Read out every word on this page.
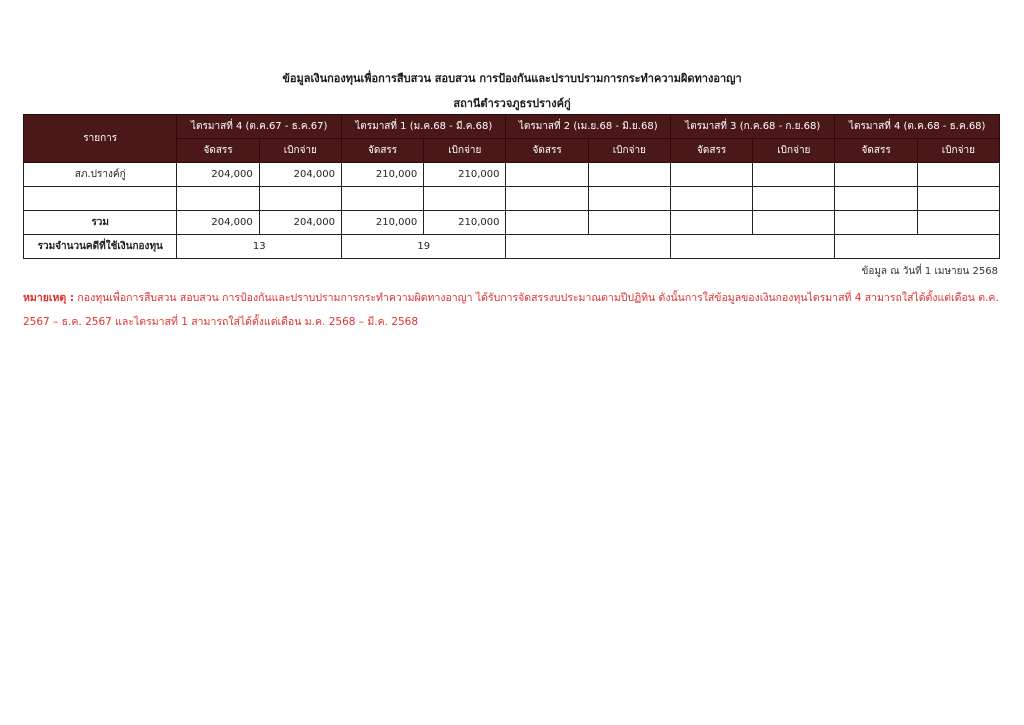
ข้อมูลเงินกองทุนเพื่อการสืบสวน สอบสวน การป้องกันและปราบปรามการกระทำความผิดทางอาญา
สถานีตำรวจภูธรปรางค์กู่
รายการ	ไตรมาสที่ 4 (ต.ค.67 - ธ.ค.67)		ไตรมาสที่ 1 (ม.ค.68 - มี.ค.68)		ไตรมาสที่ 2 (เม.ย.68 - มิ.ย.68)		ไตรมาสที่ 3 (ก.ค.68 - ก.ย.68)		ไตรมาสที่ 4 (ต.ค.68 - ธ.ค.68)	
	จัดสรร	เบิกจ่าย	จัดสรร	เบิกจ่าย	จัดสรร	เบิกจ่าย	จัดสรร	เบิกจ่าย	จัดสรร	เบิกจ่าย
สภ.ปรางค์กู่	204,000	204,000	210,000	210,000						

รวม	204,000	204,000	210,000	210,000						
รวมจำนวนคดีที่ใช้เงินกองทุน	13		19							
ข้อมูล ณ วันที่ 1 เมษายน 2568
หมายเหตุ : กองทุนเพื่อการสืบสวน สอบสวน การป้องกันและปราบปรามการกระทำความผิดทางอาญา ได้รับการจัดสรรงบประมาณตามปีปฏิทิน ดังนั้นการใส่ข้อมูลของเงินกองทุนไตรมาสที่ 4 สามารถใส่ได้ตั้งแต่เดือน ต.ค. 2567 – ธ.ค. 2567 และไตรมาสที่ 1 สามารถใส่ได้ตั้งแต่เดือน ม.ค. 2568 – มี.ค. 2568
